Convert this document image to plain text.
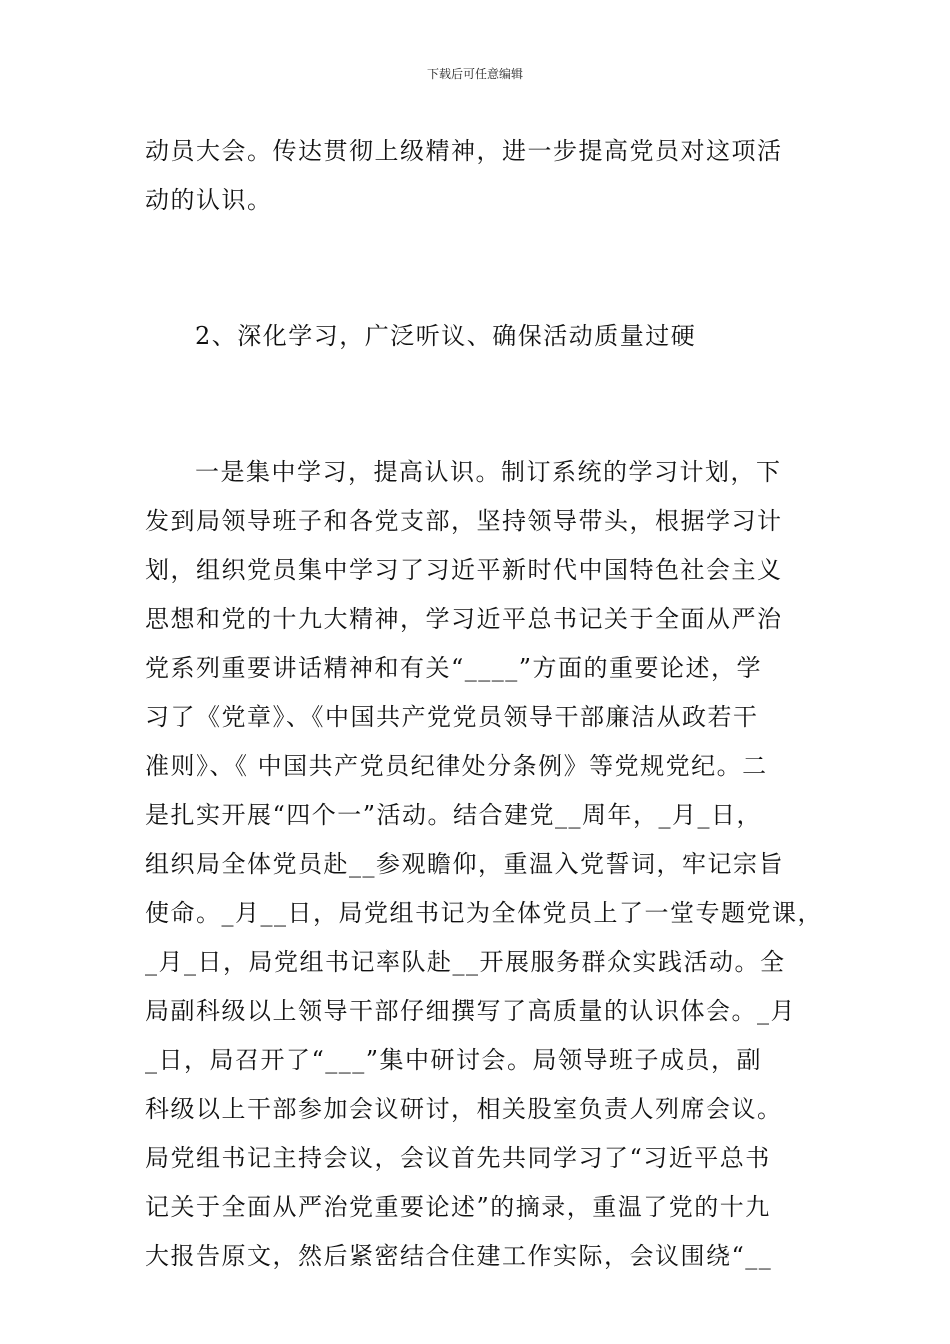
下载后可任意编辑
动员大会。传达贯彻上级精神，进一步提高党员对这项活
动的认识。
2、深化学习，广泛听议、确保活动质量过硬
一是集中学习，提高认识。制订系统的学习计划，下
发到局领导班子和各党支部，坚持领导带头，根据学习计
划，组织党员集中学习了习近平新时代中国特色社会主义
思想和党的十九大精神，学习近平总书记关于全面从严治
党系列重要讲话精神和有关“____”方面的重要论述，学
习了《党章》、《中国共产党党员领导干部廉洁从政若干
准则》、《 中国共产党员纪律处分条例》等党规党纪。二
是扎实开展“四个一”活动。结合建党__周年，_月_日，
组织局全体党员赴__参观瞻仰，重温入党誓词，牢记宗旨
使命。_月__日，局党组书记为全体党员上了一堂专题党课，
_月_日，局党组书记率队赴__开展服务群众实践活动。全
局副科级以上领导干部仔细撰写了高质量的认识体会。_月
_日，局召开了“___”集中研讨会。局领导班子成员，副
科级以上干部参加会议研讨，相关股室负责人列席会议。
局党组书记主持会议，会议首先共同学习了“习近平总书
记关于全面从严治党重要论述”的摘录，重温了党的十九
大报告原文，然后紧密结合住建工作实际，会议围绕“__
